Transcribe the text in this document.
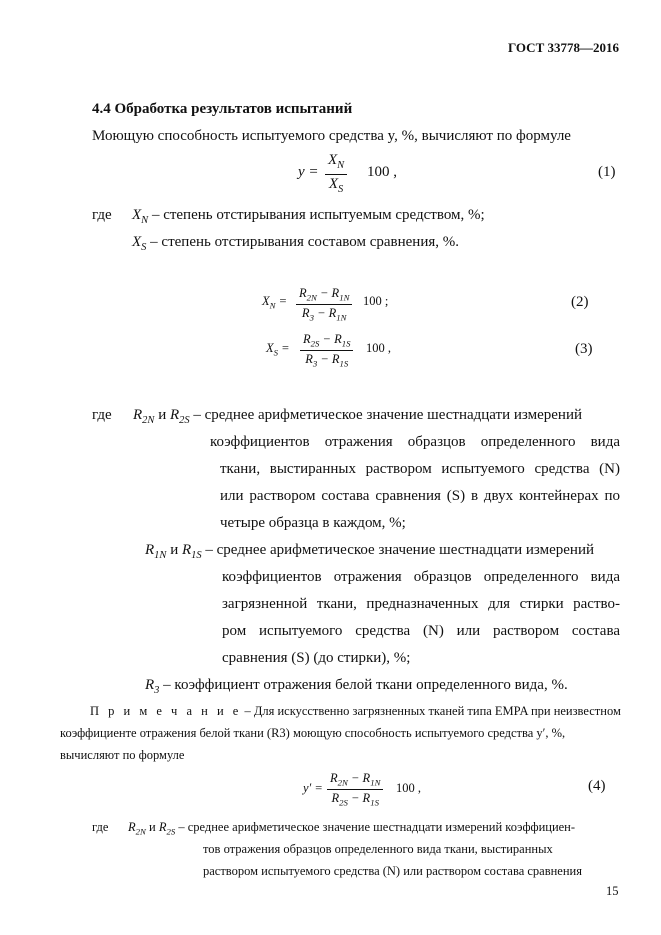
ГОСТ 33778—2016
4.4 Обработка результатов испытаний
Моющую способность испытуемого средства y, %, вычисляют по формуле
y =
$X_N$
$X_S$
100 ,	(1)
где $X_N$ – степень отстирывания испытуемым средством, %;
$X_S$ – степень отстирывания составом сравнения, %.
$X_N$ =
$R_{2N} - R_{1N}$
$R_3 - R_{1N}$
100 ;	(2)
$X_S$ =
$R_{2S} - R_{1S}$
$R_3 - R_{1S}$
100 ,	(3)
где $R_{2N}$ и $R_{2S}$ – среднее арифметическое значение шестнадцати измерений
коэффициентов отражения образцов определенного вида
ткани, выстиранных раствором испытуемого средства (N)
или раствором состава сравнения (S) в двух контейнерах по
четыре образца в каждом, %;
$R_{1N}$ и $R_{1S}$ – среднее арифметическое значение шестнадцати измерений
коэффициентов отражения образцов определенного вида
загрязненной ткани, предназначенных для стирки раство-
ром испытуемого средства (N) или раствором состава
сравнения (S) (до стирки), %;
$R_3$ – коэффициент отражения белой ткани определенного вида, %.
П р и м е ч а н и е – Для искусственно загрязненных тканей типа EMPA при неизвестном
коэффициенте отражения белой ткани (R3) моющую способность испытуемого средства y′, %,
вычисляют по формуле
y′ =
$R_{2N} - R_{1N}$
$R_{2S} - R_{1S}$
100 ,	(4)
где $R_{2N}$ и $R_{2S}$ – среднее арифметическое значение шестнадцати измерений коэффициен-
тов отражения образцов определенного вида ткани, выстиранных
раствором испытуемого средства (N) или раствором состава сравнения
15
